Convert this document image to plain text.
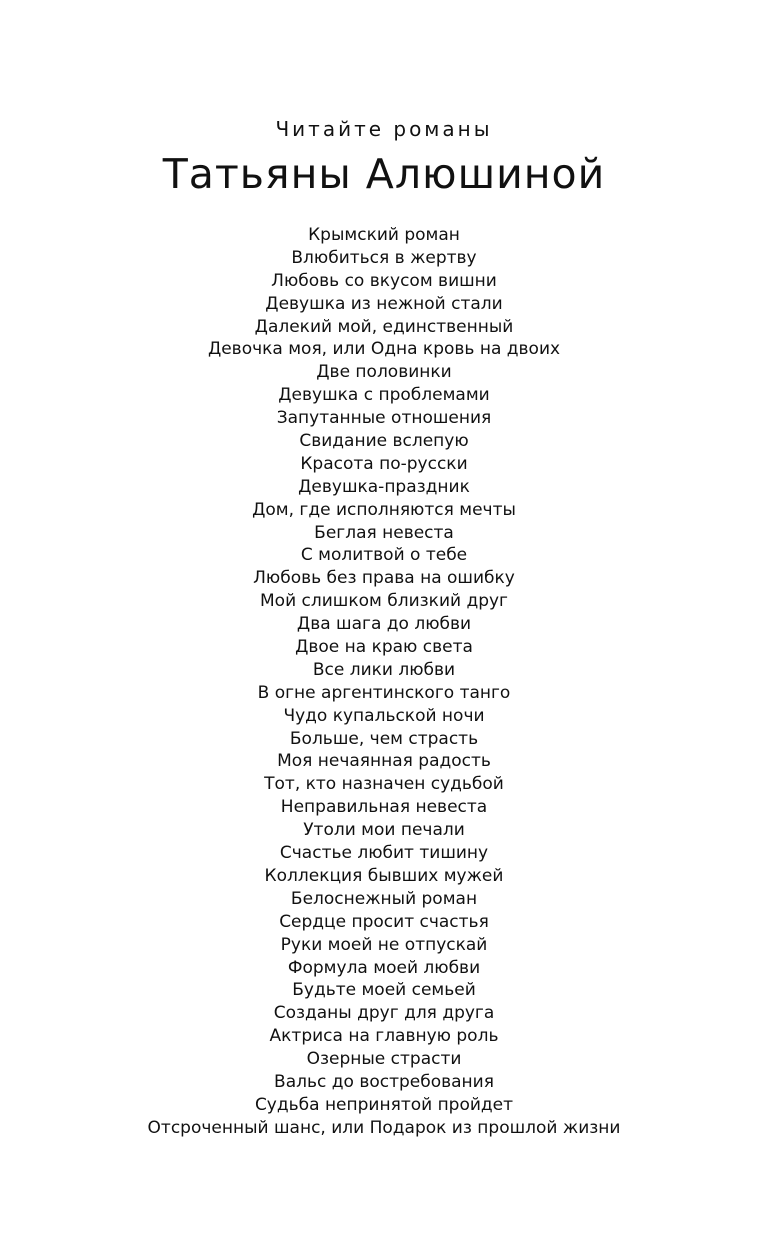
Читайте романы
Татьяны Алюшиной
Крымский роман
Влюбиться в жертву
Любовь со вкусом вишни
Девушка из нежной стали
Далекий мой, единственный
Девочка моя, или Одна кровь на двоих
Две половинки
Девушка с проблемами
Запутанные отношения
Свидание вслепую
Красота по-русски
Девушка-праздник
Дом, где исполняются мечты
Беглая невеста
С молитвой о тебе
Любовь без права на ошибку
Мой слишком близкий друг
Два шага до любви
Двое на краю света
Все лики любви
В огне аргентинского танго
Чудо купальской ночи
Больше, чем страсть
Моя нечаянная радость
Тот, кто назначен судьбой
Неправильная невеста
Утоли мои печали
Счастье любит тишину
Коллекция бывших мужей
Белоснежный роман
Сердце просит счастья
Руки моей не отпускай
Формула моей любви
Будьте моей семьей
Созданы друг для друга
Актриса на главную роль
Озерные страсти
Вальс до востребования
Судьба непринятой пройдет
Отсроченный шанс, или Подарок из прошлой жизни
